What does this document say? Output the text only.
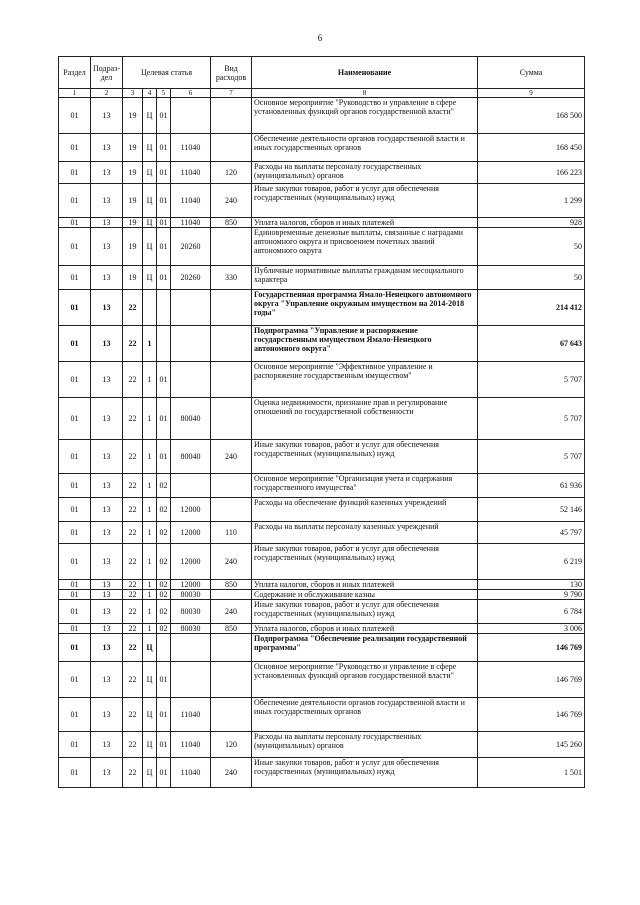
6
Раздел	Подраз-дел	Целевая статья				Вид расходов	Наименование	Сумма
1	2	3	4	5	6	7	8	9
01	13	19	Ц	01			Основное мероприятие "Руководство и управление в сфере установленных функций органов государственной власти"	168 500
01	13	19	Ц	01	11040		Обеспечение деятельности органов государственной власти и иных государственных органов	168 450
01	13	19	Ц	01	11040	120	Расходы на выплаты персоналу государственных (муниципальных) органов	166 223
01	13	19	Ц	01	11040	240	Иные закупки товаров, работ и услуг для обеспечения государственных (муниципальных) нужд	1 299
01	13	19	Ц	01	11040	850	Уплата налогов, сборов и иных платежей	928
01	13	19	Ц	01	20260		Единовременные денежные выплаты, связанные с наградами автономного округа и присвоением почетных званий автономного округа	50
01	13	19	Ц	01	20260	330	Публичные нормативные выплаты гражданам несоциального характера	50
01	13	22					Государственная программа Ямало-Ненецкого автономного округа "Управление окружным имуществом на 2014-2018 годы"	214 412
01	13	22	1				Подпрограмма "Управление и распоряжение государственным имуществом Ямало-Ненецкого автономного округа"	67 643
01	13	22	1	01			Основное мероприятие "Эффективное управление и распоряжение государственным имуществом"	5 707
01	13	22	1	01	80040		Оценка недвижимости, признание прав и регулирование отношений по государственной собственности	5 707
01	13	22	1	01	80040	240	Иные закупки товаров, работ и услуг для обеспечения государственных (муниципальных) нужд	5 707
01	13	22	1	02			Основное мероприятие "Организация учета и содержания государственного имущества"	61 936
01	13	22	1	02	12000		Расходы на обеспечение функций казенных учреждений	52 146
01	13	22	1	02	12000	110	Расходы на выплаты персоналу казенных учреждений	45 797
01	13	22	1	02	12000	240	Иные закупки товаров, работ и услуг для обеспечения государственных (муниципальных) нужд	6 219
01	13	22	1	02	12000	850	Уплата налогов, сборов и иных платежей	130
01	13	22	1	02	80030		Содержание и обслуживание казны	9 790
01	13	22	1	02	80030	240	Иные закупки товаров, работ и услуг для обеспечения государственных (муниципальных) нужд	6 784
01	13	22	1	02	80030	850	Уплата налогов, сборов и иных платежей	3 006
01	13	22	Ц				Подпрограмма "Обеспечение реализации государственной программы"	146 769
01	13	22	Ц	01			Основное мероприятие "Руководство и управление в сфере установленных функций органов государственной власти"	146 769
01	13	22	Ц	01	11040		Обеспечение деятельности органов государственной власти и иных государственных органов	146 769
01	13	22	Ц	01	11040	120	Расходы на выплаты персоналу государственных (муниципальных) органов	145 260
01	13	22	Ц	01	11040	240	Иные закупки товаров, работ и услуг для обеспечения государственных (муниципальных) нужд	1 501
